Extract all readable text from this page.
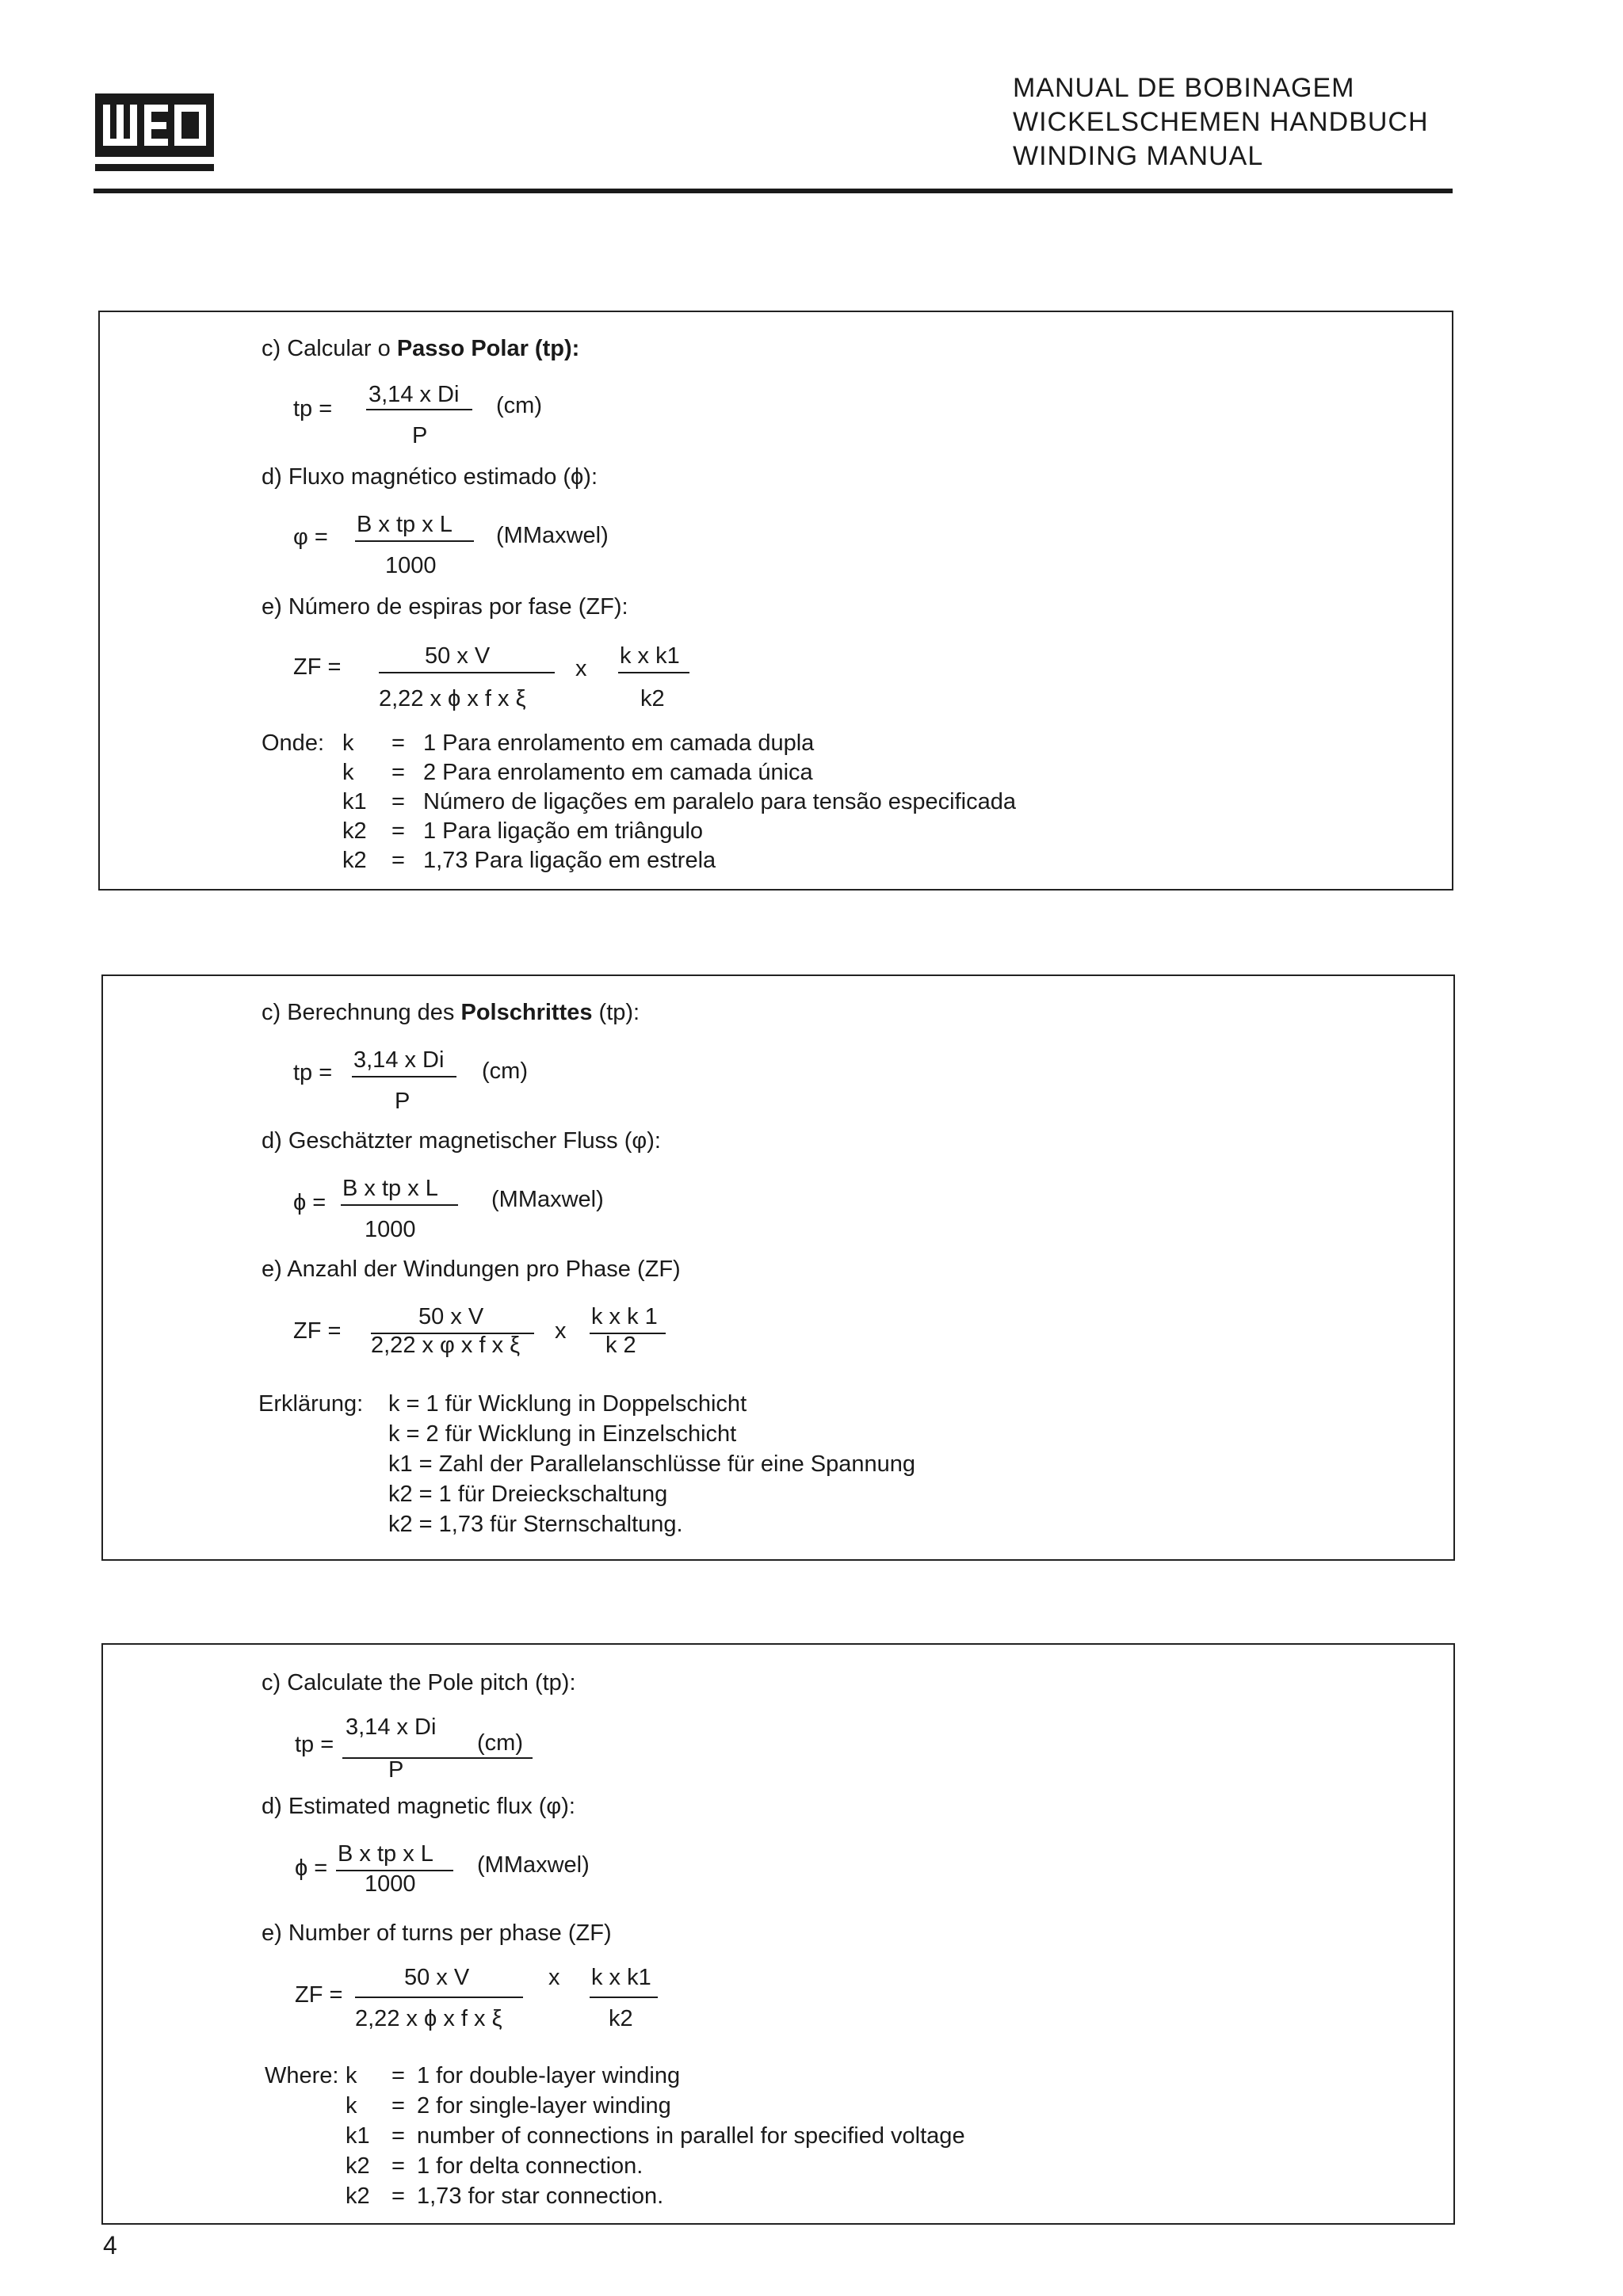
MANUAL DE BOBINAGEM
WICKELSCHEMEN HANDBUCH
WINDING MANUAL
c) Calcular o Passo Polar (tp):
tp =
3,14 x Di
P
(cm)
d) Fluxo magnético estimado (ϕ):
φ = B x tp x L
1000
(MMaxwel)
e) Número de espiras por fase (ZF):
ZF =	50 x V
2,22 x ϕ x f x ξ
x k x k1
k2
Onde: k = 1 Para enrolamento em camada dupla
k = 2 Para enrolamento em camada única
k1 = Número de ligações em paralelo para tensão especificada
k2 = 1 Para ligação em triângulo
k2 = 1,73 Para ligação em estrela
c) Berechnung des Polschrittes (tp):
tp = 3,14 x Di
P
(cm)
d) Geschätzter magnetischer Fluss (φ):
ϕ =
B x tp x L
1000
(MMaxwel)
e) Anzahl der Windungen pro Phase (ZF)
ZF =
50 x V
2,22 x φ x f x ξ
x
k x k 1
k 2
Erklärung: k = 1 für Wicklung in Doppelschicht
k = 2 für Wicklung in Einzelschicht
k1 = Zahl der Parallelanschlüsse für eine Spannung
k2 = 1 für Dreieckschaltung
k2 = 1,73 für Sternschaltung.
c) Calculate the Pole pitch (tp):
tp =
3,14 x Di
(cm)
P
d) Estimated magnetic flux (φ):
ϕ =
B x tp x L
1000
(MMaxwel)
e) Number of turns per phase (ZF)
ZF =
50 x V
2,22 x ϕ x f x ξ
x k x k1
k2
Where: k = 1 for double-layer winding
k = 2 for single-layer winding
k1 = number of connections in parallel for specified voltage
k2 = 1 for delta connection.
k2 = 1,73 for star connection.
4
